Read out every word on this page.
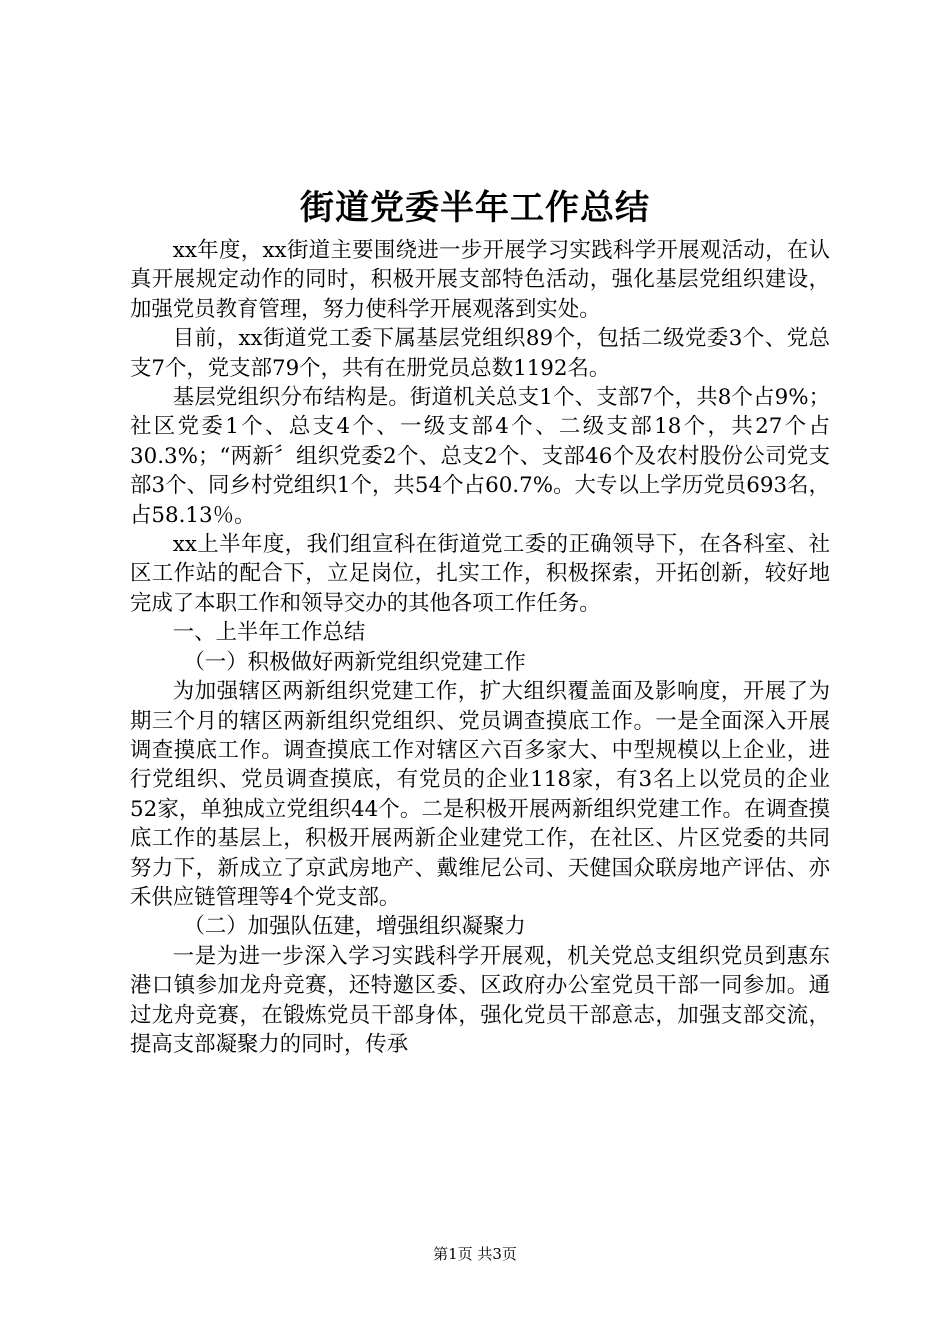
街道党委半年工作总结

xx年度，xx街道主要围绕进一步开展学习实践科学开展观活动，在认真开展规定动作的同时，积极开展支部特色活动，强化基层党组织建设，加强党员教育管理，努力使科学开展观落到实处。

目前，xx街道党工委下属基层党组织89个，包括二级党委3个、党总支7个，党支部79个，共有在册党员总数1192名。

基层党组织分布结构是。街道机关总支1个、支部7个，共8个占9%；社区党委1个、总支4个、一级支部4个、二级支部18个，共27个占30.3%；“两新〞组织党委2个、总支2个、支部46个及农村股份公司党支部3个、同乡村党组织1个，共54个占60.7%。大专以上学历党员693名，占58.13％。

xx上半年度，我们组宣科在街道党工委的正确领导下，在各科室、社区工作站的配合下，立足岗位，扎实工作，积极探索，开拓创新，较好地完成了本职工作和领导交办的其他各项工作任务。

一、上半年工作总结

（一）积极做好两新党组织党建工作

为加强辖区两新组织党建工作，扩大组织覆盖面及影响度，开展了为期三个月的辖区两新组织党组织、党员调查摸底工作。一是全面深入开展调查摸底工作。调查摸底工作对辖区六百多家大、中型规模以上企业，进行党组织、党员调查摸底，有党员的企业118家，有3名上以党员的企业52家，单独成立党组织44个。二是积极开展两新组织党建工作。在调查摸底工作的基层上，积极开展两新企业建党工作，在社区、片区党委的共同努力下，新成立了京武房地产、戴维尼公司、天健国众联房地产评估、亦禾供应链管理等4个党支部。

（二）加强队伍建，增强组织凝聚力

一是为进一步深入学习实践科学开展观，机关党总支组织党员到惠东港口镇参加龙舟竞赛，还特邀区委、区政府办公室党员干部一同参加。通过龙舟竞赛，在锻炼党员干部身体，强化党员干部意志，加强支部交流，提高支部凝聚力的同时，传承

第1页 共3页
